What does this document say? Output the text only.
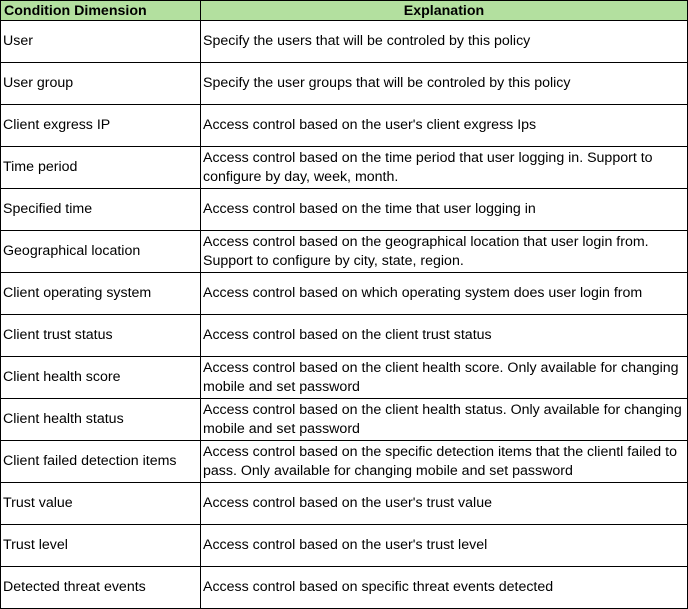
Condition Dimension	Explanation
User	Specify the users that will be controled by this policy
User group	Specify the user groups that will be controled by this policy
Client exgress IP	Access control based on the user's client exgress Ips
Time period	Access control based on the time period that user logging in. Support to configure by day, week, month.
Specified time	Access control based on the time that user logging in
Geographical location	Access control based on the geographical location that user login from. Support to configure by city, state, region.
Client operating system	Access control based on which operating system does user login from
Client trust status	Access control based on the client trust status
Client health score	Access control based on the client health score. Only available for changing mobile and set password
Client health status	Access control based on the client health status. Only available for changing mobile and set password
Client failed detection items	Access control based on the specific detection items that the clientl failed to pass. Only available for changing mobile and set password
Trust value	Access control based on the user's trust value
Trust level	Access control based on the user's trust level
Detected threat events	Access control based on specific threat events detected
